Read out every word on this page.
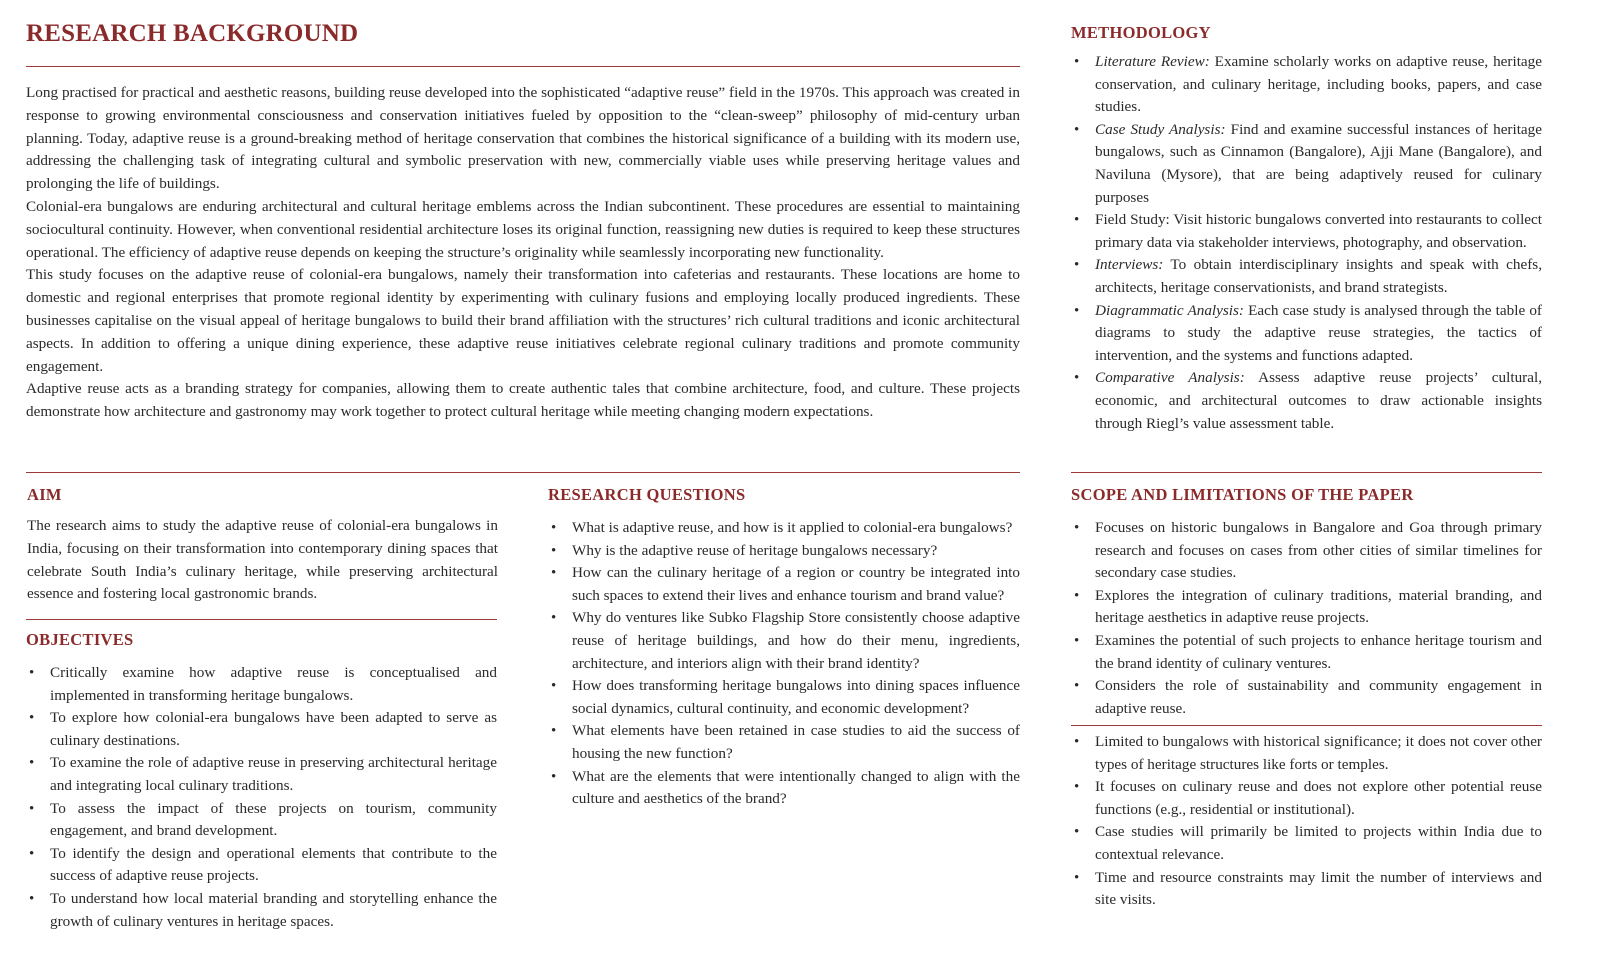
RESEARCH BACKGROUND

Long practised for practical and aesthetic reasons, building reuse developed into the sophisticated “adaptive reuse” field in the 1970s. This approach was created in response to growing environmental consciousness and conservation initiatives fueled by opposition to the “clean-sweep” philosophy of mid-century urban planning. Today, adaptive reuse is a ground-breaking method of heritage conservation that combines the historical significance of a building with its modern use, addressing the challenging task of integrating cultural and symbolic preservation with new, commercially viable uses while preserving heritage values and prolonging the life of buildings.

Colonial-era bungalows are enduring architectural and cultural heritage emblems across the Indian subcontinent. These procedures are essential to maintaining sociocultural continuity. However, when conventional residential architecture loses its original function, reassigning new duties is required to keep these structures operational. The efficiency of adaptive reuse depends on keeping the structure’s originality while seamlessly incorporating new functionality.

This study focuses on the adaptive reuse of colonial-era bungalows, namely their transformation into cafeterias and restaurants. These locations are home to domestic and regional enterprises that promote regional identity by experimenting with culinary fusions and employing locally produced ingredients. These businesses capitalise on the visual appeal of heritage bungalows to build their brand affiliation with the structures’ rich cultural traditions and iconic architectural aspects. In addition to offering a unique dining experience, these adaptive reuse initiatives celebrate regional culinary traditions and promote community engagement.

Adaptive reuse acts as a branding strategy for companies, allowing them to create authentic tales that combine architecture, food, and culture. These projects demonstrate how architecture and gastronomy may work together to protect cultural heritage while meeting changing modern expectations.

AIM

The research aims to study the adaptive reuse of colonial-era bungalows in India, focusing on their transformation into contemporary dining spaces that celebrate South India’s culinary heritage, while preserving architectural essence and fostering local gastronomic brands.

OBJECTIVES
• Critically examine how adaptive reuse is conceptualised and implemented in transforming heritage bungalows.
• To explore how colonial-era bungalows have been adapted to serve as culinary destinations.
• To examine the role of adaptive reuse in preserving architectural heritage and integrating local culinary traditions.
• To assess the impact of these projects on tourism, community engagement, and brand development.
• To identify the design and operational elements that contribute to the success of adaptive reuse projects.
• To understand how local material branding and storytelling enhance the growth of culinary ventures in heritage spaces.
RESEARCH QUESTIONS
• What is adaptive reuse, and how is it applied to colonial-era bungalows?
• Why is the adaptive reuse of heritage bungalows necessary?
• How can the culinary heritage of a region or country be integrated into such spaces to extend their lives and enhance tourism and brand value?
• Why do ventures like Subko Flagship Store consistently choose adaptive reuse of heritage buildings, and how do their menu, ingredients, architecture, and interiors align with their brand identity?
• How does transforming heritage bungalows into dining spaces influence social dynamics, cultural continuity, and economic development?
• What elements have been retained in case studies to aid the success of housing the new function?
• What are the elements that were intentionally changed to align with the culture and aesthetics of the brand?
METHODOLOGY
• Literature Review: Examine scholarly works on adaptive reuse, heritage conservation, and culinary heritage, including books, papers, and case studies.
• Case Study Analysis: Find and examine successful instances of heritage bungalows, such as Cinnamon (Bangalore), Ajji Mane (Bangalore), and Naviluna (Mysore), that are being adaptively reused for culinary purposes
• Field Study: Visit historic bungalows converted into restaurants to collect primary data via stakeholder interviews, photography, and observation.
• Interviews: To obtain interdisciplinary insights and speak with chefs, architects, heritage conservationists, and brand strategists.
• Diagrammatic Analysis: Each case study is analysed through the table of diagrams to study the adaptive reuse strategies, the tactics of intervention, and the systems and functions adapted.
• Comparative Analysis: Assess adaptive reuse projects’ cultural, economic, and architectural outcomes to draw actionable insights through Riegl’s value assessment table.
SCOPE AND LIMITATIONS OF THE PAPER
• Focuses on historic bungalows in Bangalore and Goa through primary research and focuses on cases from other cities of similar timelines for secondary case studies.
• Explores the integration of culinary traditions, material branding, and heritage aesthetics in adaptive reuse projects.
• Examines the potential of such projects to enhance heritage tourism and the brand identity of culinary ventures.
• Considers the role of sustainability and community engagement in adaptive reuse.
• Limited to bungalows with historical significance; it does not cover other types of heritage structures like forts or temples.
• It focuses on culinary reuse and does not explore other potential reuse functions (e.g., residential or institutional).
• Case studies will primarily be limited to projects within India due to contextual relevance.
• Time and resource constraints may limit the number of interviews and site visits.
